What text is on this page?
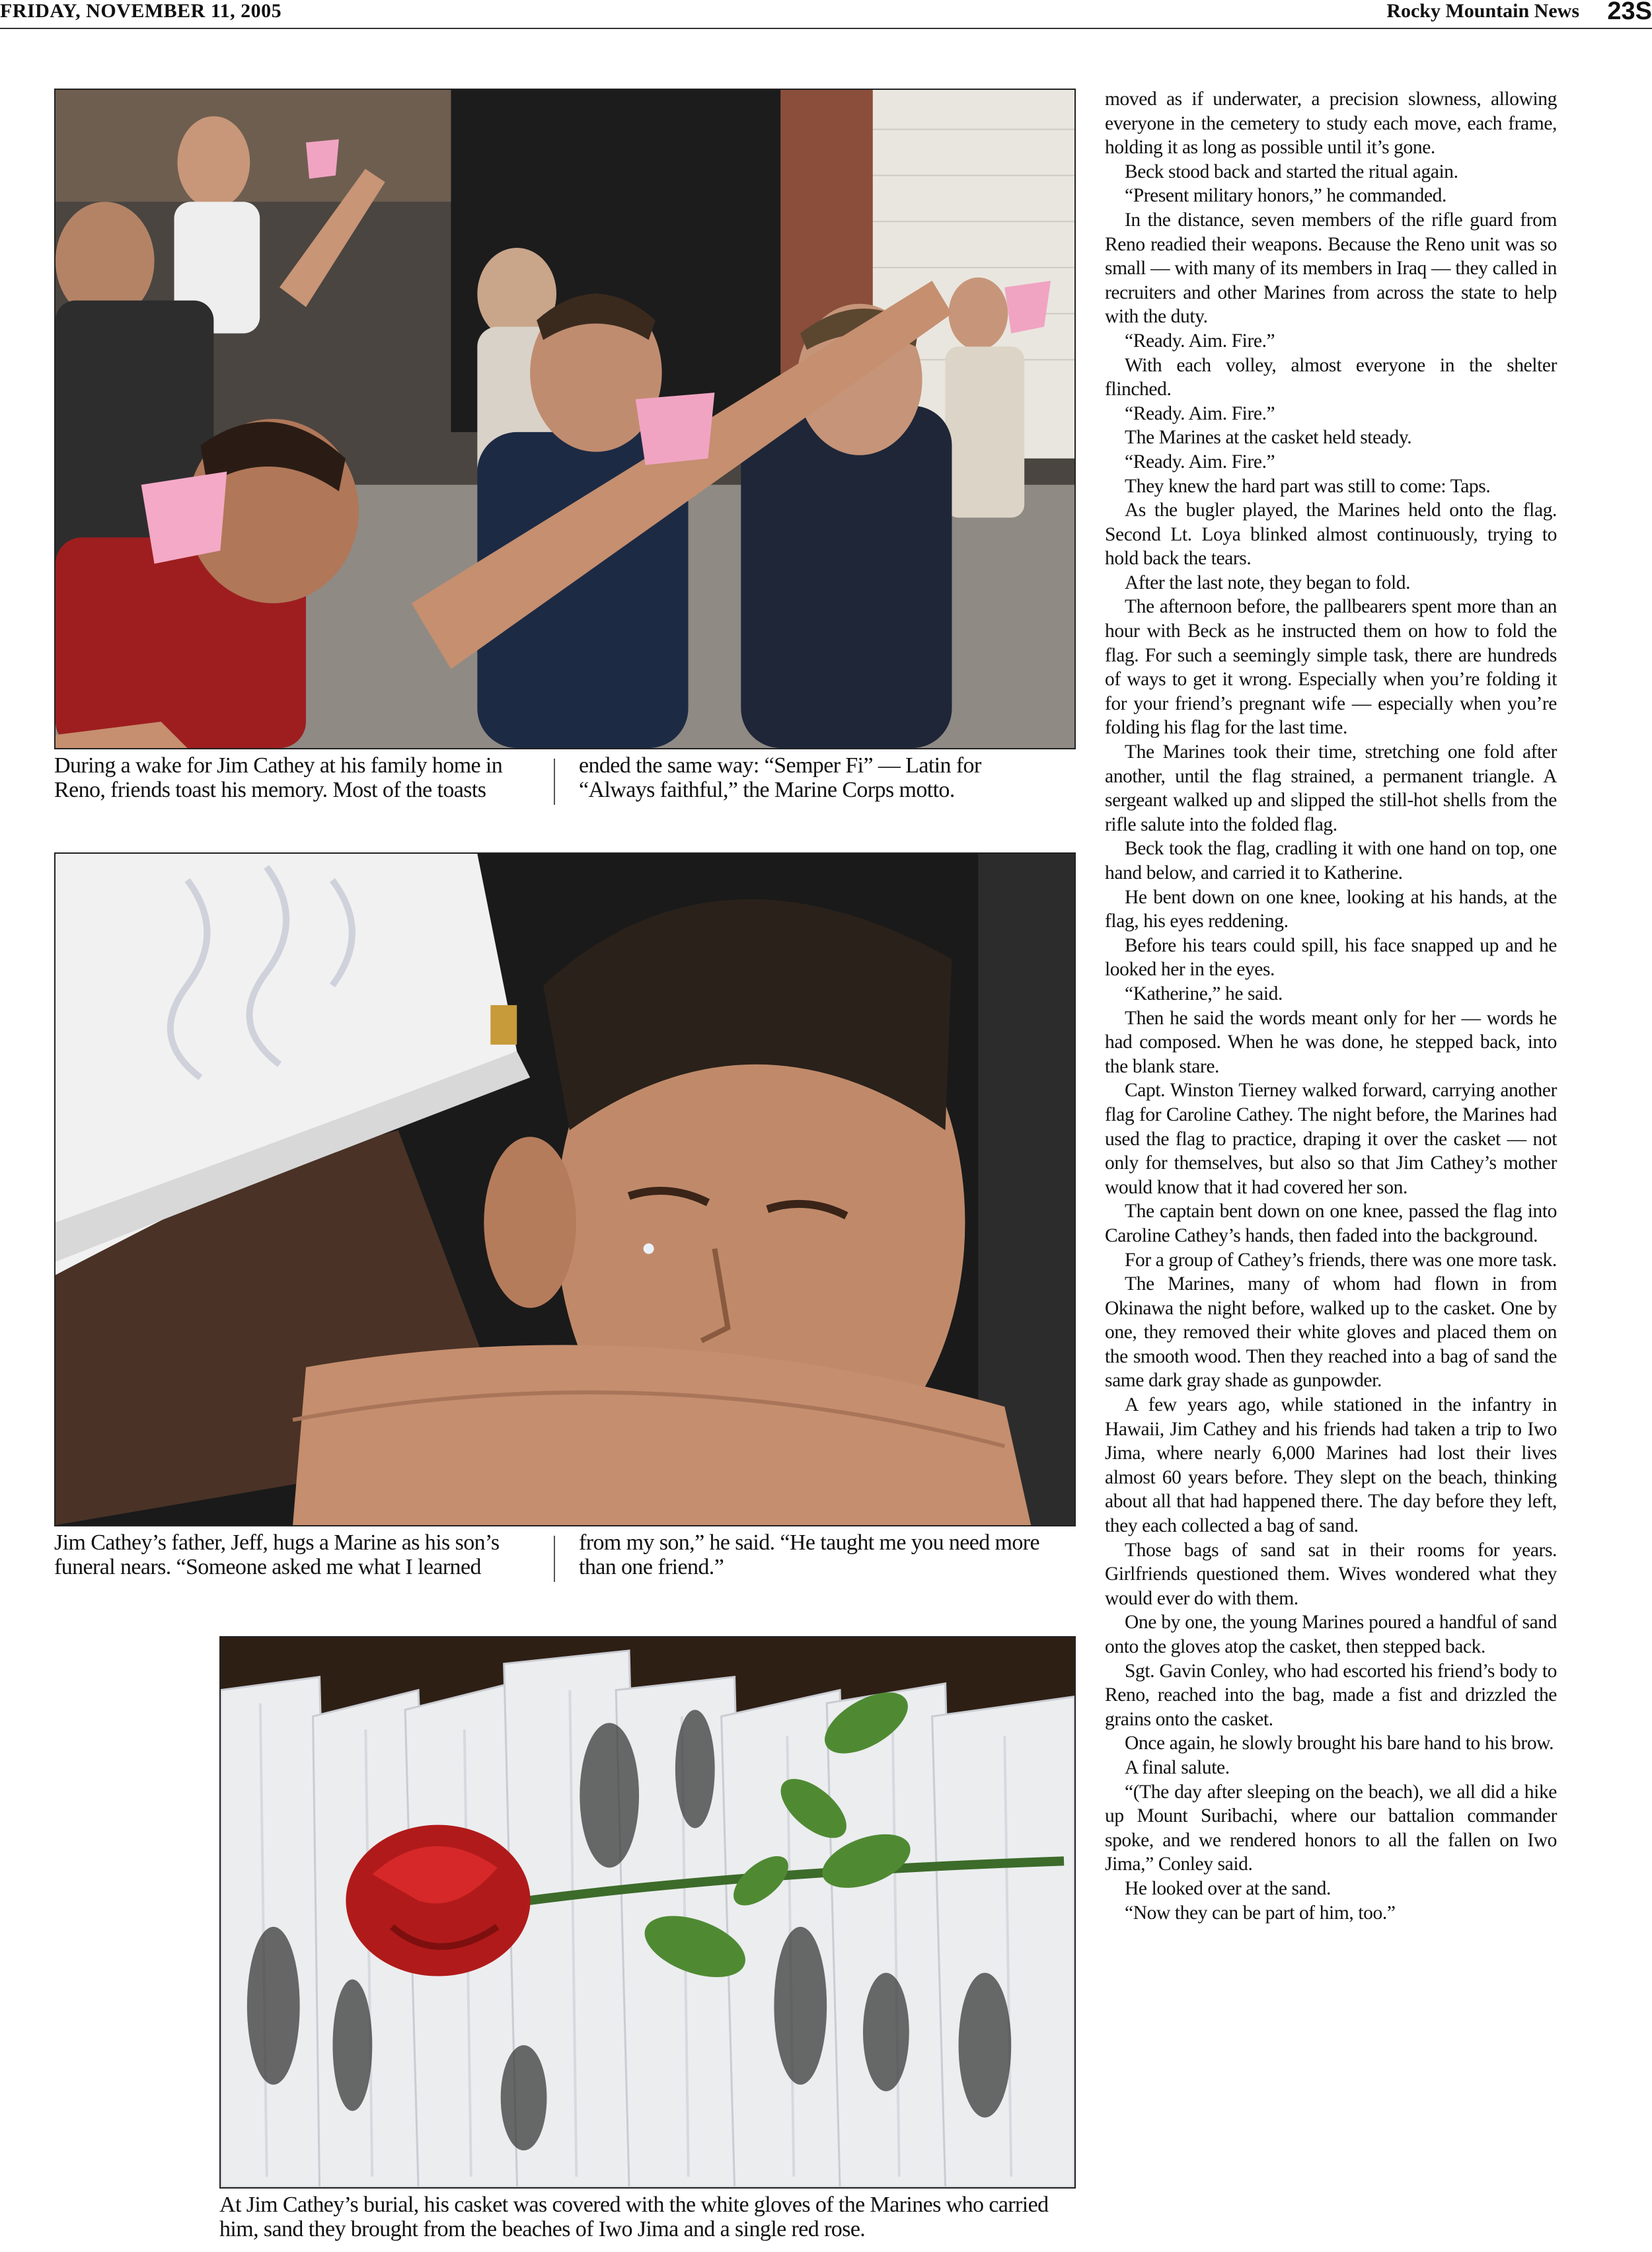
FRIDAY, NOVEMBER 11, 2005	Rocky Mountain News 23S
During a wake for Jim Cathey at his family home in Reno, friends toast his memory. Most of the toasts
ended the same way: “Semper Fi” — Latin for “Always faithful,” the Marine Corps motto.
Jim Cathey’s father, Jeff, hugs a Marine as his son’s funeral nears. “Someone asked me what I learned
from my son,” he said. “He taught me you need more than one friend.”
At Jim Cathey’s burial, his casket was covered with the white gloves of the Marines who carried him, sand they brought from the beaches of Iwo Jima and a single red rose.

moved as if underwater, a precision slowness, allowing everyone in the cemetery to study each move, each frame, holding it as long as possible until it’s gone.

Beck stood back and started the ritual again.

“Present military honors,” he commanded.

In the distance, seven members of the rifle guard from Reno readied their weapons. Because the Reno unit was so small — with many of its members in Iraq — they called in recruiters and other Marines from across the state to help with the duty.

“Ready. Aim. Fire.”

With each volley, almost everyone in the shelter flinched.

“Ready. Aim. Fire.”

The Marines at the casket held steady.

“Ready. Aim. Fire.”

They knew the hard part was still to come: Taps.

As the bugler played, the Marines held onto the flag. Second Lt. Loya blinked almost continuously, trying to hold back the tears.

After the last note, they began to fold.

The afternoon before, the pallbearers spent more than an hour with Beck as he instructed them on how to fold the flag. For such a seemingly simple task, there are hundreds of ways to get it wrong. Especially when you’re folding it for your friend’s pregnant wife — especially when you’re folding his flag for the last time.

The Marines took their time, stretching one fold after another, until the flag strained, a permanent triangle. A sergeant walked up and slipped the still-hot shells from the rifle salute into the folded flag.

Beck took the flag, cradling it with one hand on top, one hand below, and carried it to Katherine.

He bent down on one knee, looking at his hands, at the flag, his eyes reddening.

Before his tears could spill, his face snapped up and he looked her in the eyes.

“Katherine,” he said.

Then he said the words meant only for her — words he had composed. When he was done, he stepped back, into the blank stare.

Capt. Winston Tierney walked forward, carrying another flag for Caroline Cathey. The night before, the Marines had used the flag to practice, draping it over the casket — not only for themselves, but also so that Jim Cathey’s mother would know that it had covered her son.

The captain bent down on one knee, passed the flag into Caroline Cathey’s hands, then faded into the background.

For a group of Cathey’s friends, there was one more task.

The Marines, many of whom had flown in from Okinawa the night before, walked up to the casket. One by one, they removed their white gloves and placed them on the smooth wood. Then they reached into a bag of sand the same dark gray shade as gunpowder.

A few years ago, while stationed in the infantry in Hawaii, Jim Cathey and his friends had taken a trip to Iwo Jima, where nearly 6,000 Marines had lost their lives almost 60 years before. They slept on the beach, thinking about all that had happened there. The day before they left, they each collected a bag of sand.

Those bags of sand sat in their rooms for years. Girlfriends questioned them. Wives wondered what they would ever do with them.

One by one, the young Marines poured a handful of sand onto the gloves atop the casket, then stepped back.

Sgt. Gavin Conley, who had escorted his friend’s body to Reno, reached into the bag, made a fist and drizzled the grains onto the casket.

Once again, he slowly brought his bare hand to his brow.

A final salute.

“(The day after sleeping on the beach), we all did a hike up Mount Suribachi, where our battalion commander spoke, and we rendered honors to all the fallen on Iwo Jima,” Conley said.

He looked over at the sand.

“Now they can be part of him, too.”
